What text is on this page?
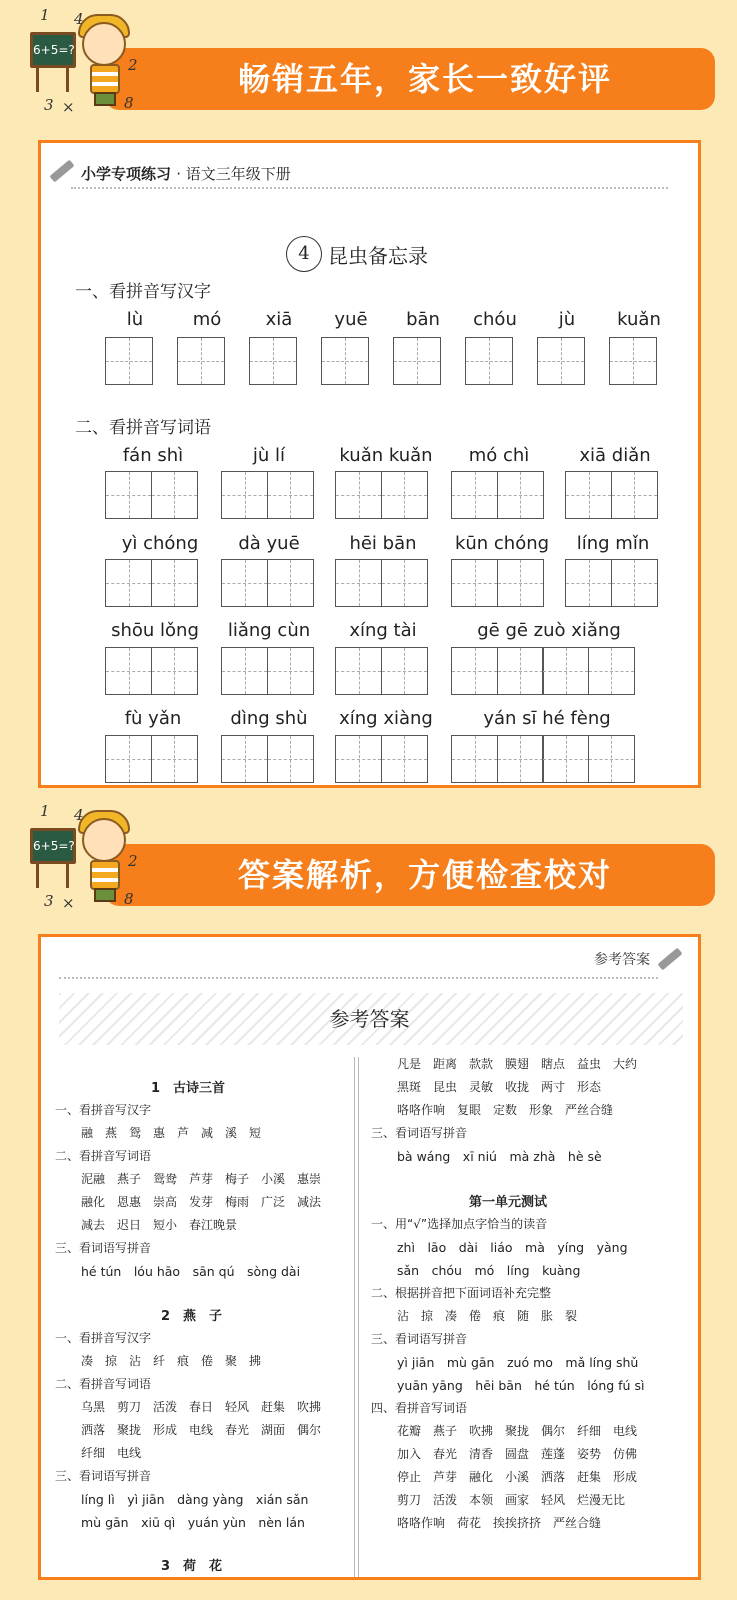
畅销五年，家长一致好评
6+5=?
1 4
2
8
3 ×
小学专项练习 · 语文三年级下册
4 昆虫备忘录
一、看拼音写汉字
lù	mó	xiā	yuē	bān	chóu	jù	kuǎn
二、看拼音写词语
fán shì	jù lí	kuǎn kuǎn	mó chì	xiā diǎn
yì chóng	dà yuē	hēi bān	kūn chóng	líng mǐn
shōu lǒng	liǎng cùn	xíng tài	gē gē zuò xiǎng
fù yǎn	dìng shù	xíng xiàng	yán sī hé fèng
答案解析，方便检查校对
6+5=?
1 4
2
8
3 ×
参考答案
参考答案
1　古诗三首
一、看拼音写汉字
融　燕　鸳　惠　芦　减　溪　短
二、看拼音写词语
泥融　燕子　鸳鸯　芦芽　梅子　小溪　惠崇
融化　恩惠　崇高　发芽　梅雨　广泛　减法
减去　迟日　短小　春江晚景
三、看词语写拼音
hé tún　lóu hāo　sān qú　sòng dài
2　燕　子
一、看拼音写汉字
凑　掠　沾　纤　痕　倦　聚　拂
二、看拼音写词语
乌黑　剪刀　活泼　春日　轻风　赶集　吹拂
洒落　聚拢　形成　电线　春光　湖面　偶尔
纤细　电线
三、看词语写拼音
líng lì　yì jiān　dàng yàng　xián sǎn
mù gān　xiū qì　yuán yùn　nèn lán
3　荷　花
凡是　距离　款款　膜翅　瞎点　益虫　大约
黑斑　昆虫　灵敏　收拢　两寸　形态
咯咯作响　复眼　定数　形象　严丝合缝
三、看词语写拼音
bà wáng　xī niú　mà zhà　hè sè
第一单元测试
一、用“√”选择加点字恰当的读音
zhì　lāo　dài　liáo　mà　yíng　yàng
sǎn　chóu　mó　líng　kuàng
二、根据拼音把下面词语补充完整
沾　掠　凑　倦　痕　随　胀　裂
三、看词语写拼音
yì jiān　mù gān　zuó mo　mǎ líng shǔ
yuān yāng　hēi bān　hé tún　lóng fú sì
四、看拼音写词语
花瓣　燕子　吹拂　聚拢　偶尔　纤细　电线
加入　春光　清香　圆盘　莲蓬　姿势　仿佛
停止　芦芽　融化　小溪　洒落　赶集　形成
剪刀　活泼　本领　画家　轻风　烂漫无比
咯咯作响　荷花　挨挨挤挤　严丝合缝
